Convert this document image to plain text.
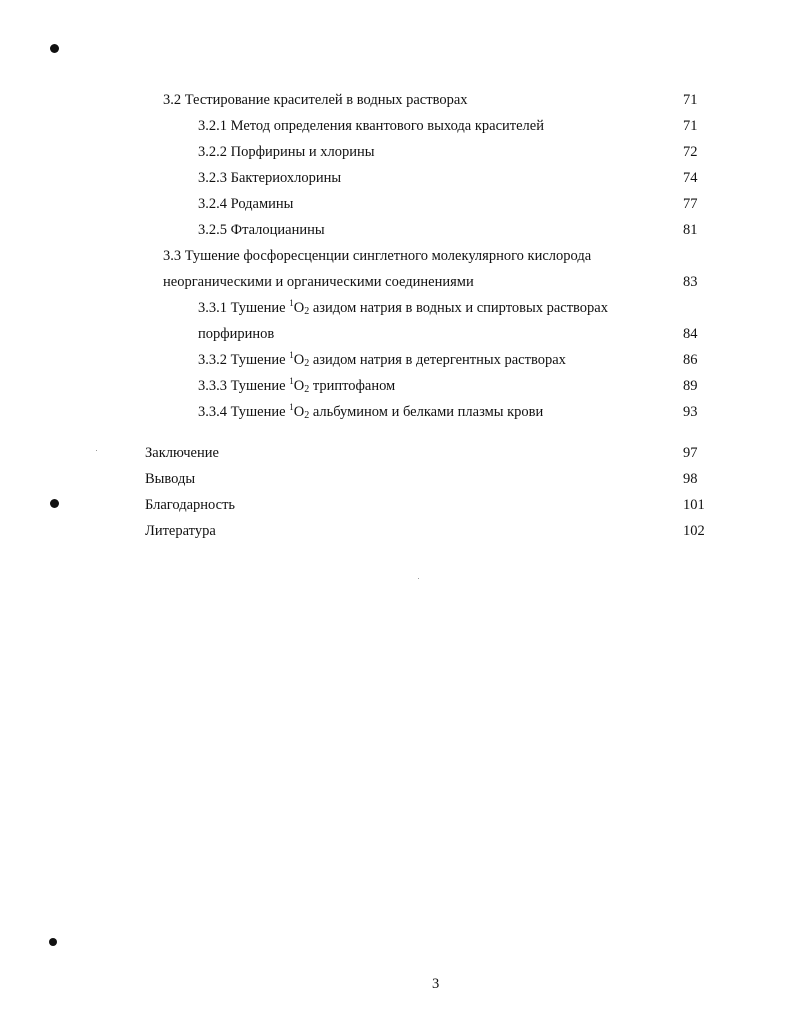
3.2 Тестирование красителей в водных растворах	71
3.2.1 Метод определения квантового выхода красителей	71
3.2.2 Порфирины и хлорины	72
3.2.3 Бактериохлорины	74
3.2.4 Родамины	77
3.2.5 Фталоцианины	81
3.3 Тушение фосфоресценции синглетного молекулярного кислорода
неорганическими и органическими соединениями	83
3.3.1 Тушение $^1O_2$ азидом натрия в водных и спиртовых растворах
порфиринов	84
3.3.2 Тушение $^1O_2$ азидом натрия в детергентных растворах	86
3.3.3 Тушение $^1O_2$ триптофаном	89
3.3.4 Тушение $^1O_2$ альбумином и белками плазмы крови	93
Заключение	97
Выводы	98
Благодарность	101
Литература	102
3
